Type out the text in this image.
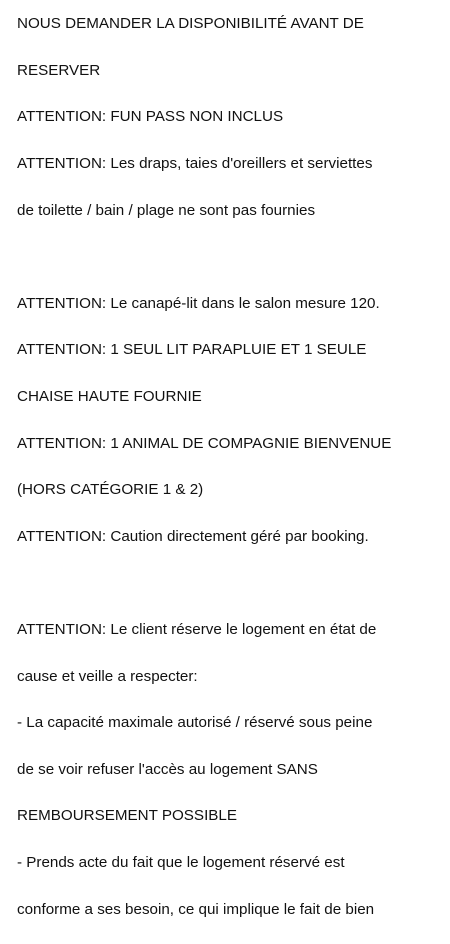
NOUS DEMANDER LA DISPONIBILITÉ AVANT DE

RESERVER

ATTENTION: FUN PASS NON INCLUS

ATTENTION: Les draps, taies d'oreillers et serviettes

de toilette / bain / plage ne sont pas fournies

ATTENTION: Le canapé-lit dans le salon mesure 120.

ATTENTION: 1 SEUL LIT PARAPLUIE ET 1 SEULE

CHAISE HAUTE FOURNIE

ATTENTION: 1 ANIMAL DE COMPAGNIE BIENVENUE

(HORS CATÉGORIE 1 & 2)

ATTENTION: Caution directement géré par booking.

ATTENTION: Le client réserve le logement en état de

cause et veille a respecter:

- La capacité maximale autorisé / réservé sous peine

de se voir refuser l'accès au logement SANS

REMBOURSEMENT POSSIBLE

- Prends acte du fait que le logement réservé est

conforme a ses besoin, ce qui implique le fait de bien
